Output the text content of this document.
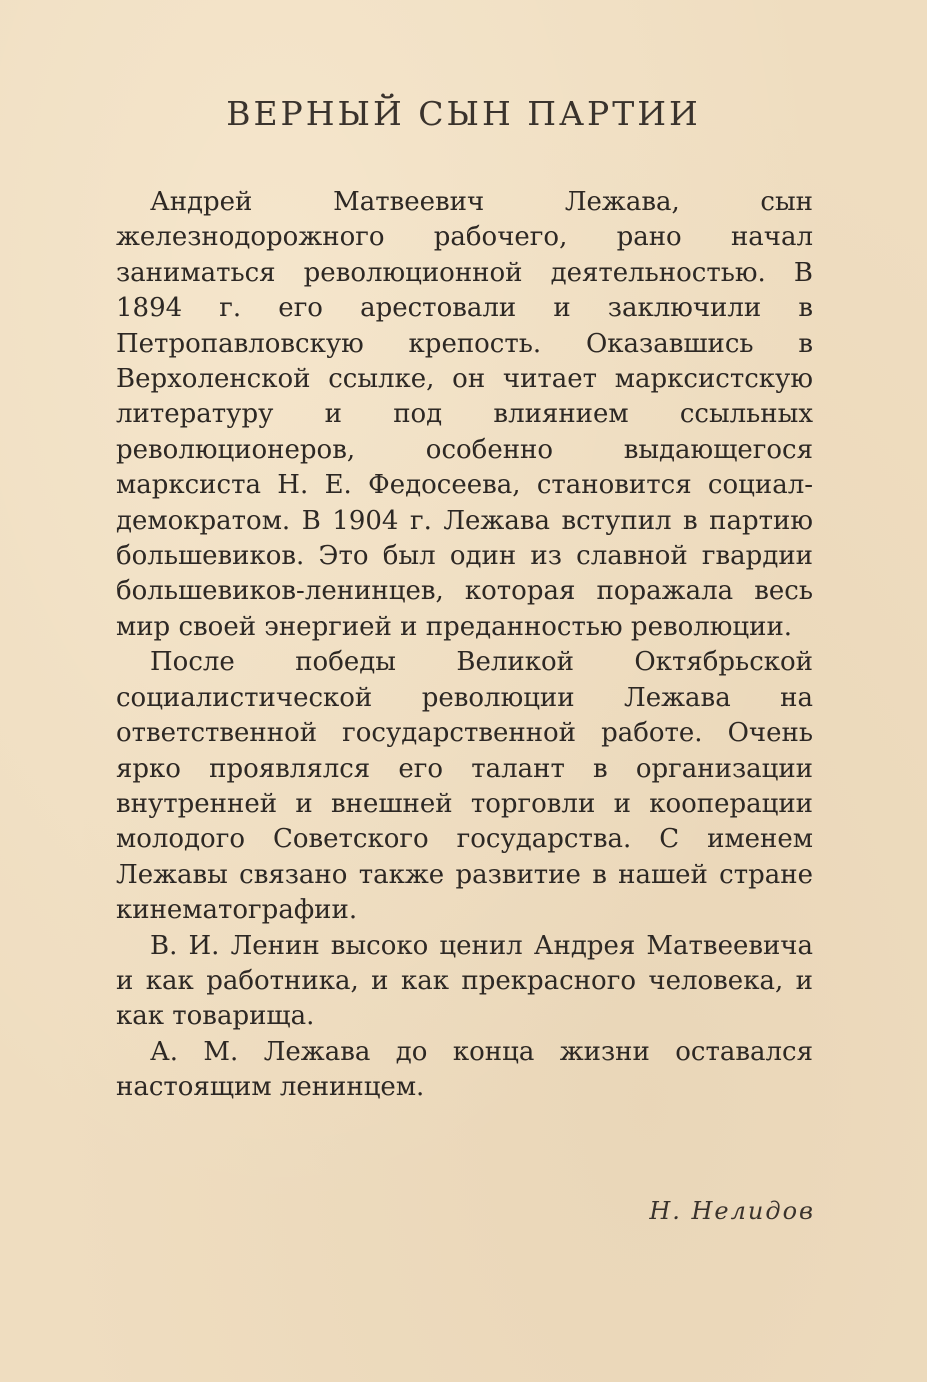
ВЕРНЫЙ СЫН ПАРТИИ

Андрей Матвеевич Лежава, сын железнодорожного рабочего, рано начал заниматься революционной деятельностью. В 1894 г. его арестовали и заключили в Петропавловскую крепость. Оказавшись в Верхоленской ссылке, он читает марксистскую литературу и под влиянием ссыльных революционеров, особенно выдающегося марксиста Н. Е. Федосеева, становится социал-демократом. В 1904 г. Лежава вступил в партию большевиков. Это был один из славной гвардии большевиков-ленинцев, которая поражала весь мир своей энергией и преданностью революции.

После победы Великой Октябрьской социалистической революции Лежава на ответственной государственной работе. Очень ярко проявлялся его талант в организации внутренней и внешней торговли и кооперации молодого Советского государства. С именем Лежавы связано также развитие в нашей стране кинематографии.

В. И. Ленин высоко ценил Андрея Матвеевича и как работника, и как прекрасного человека, и как товарища.

А. М. Лежава до конца жизни оставался настоящим ленинцем.

Н. Нелидов
